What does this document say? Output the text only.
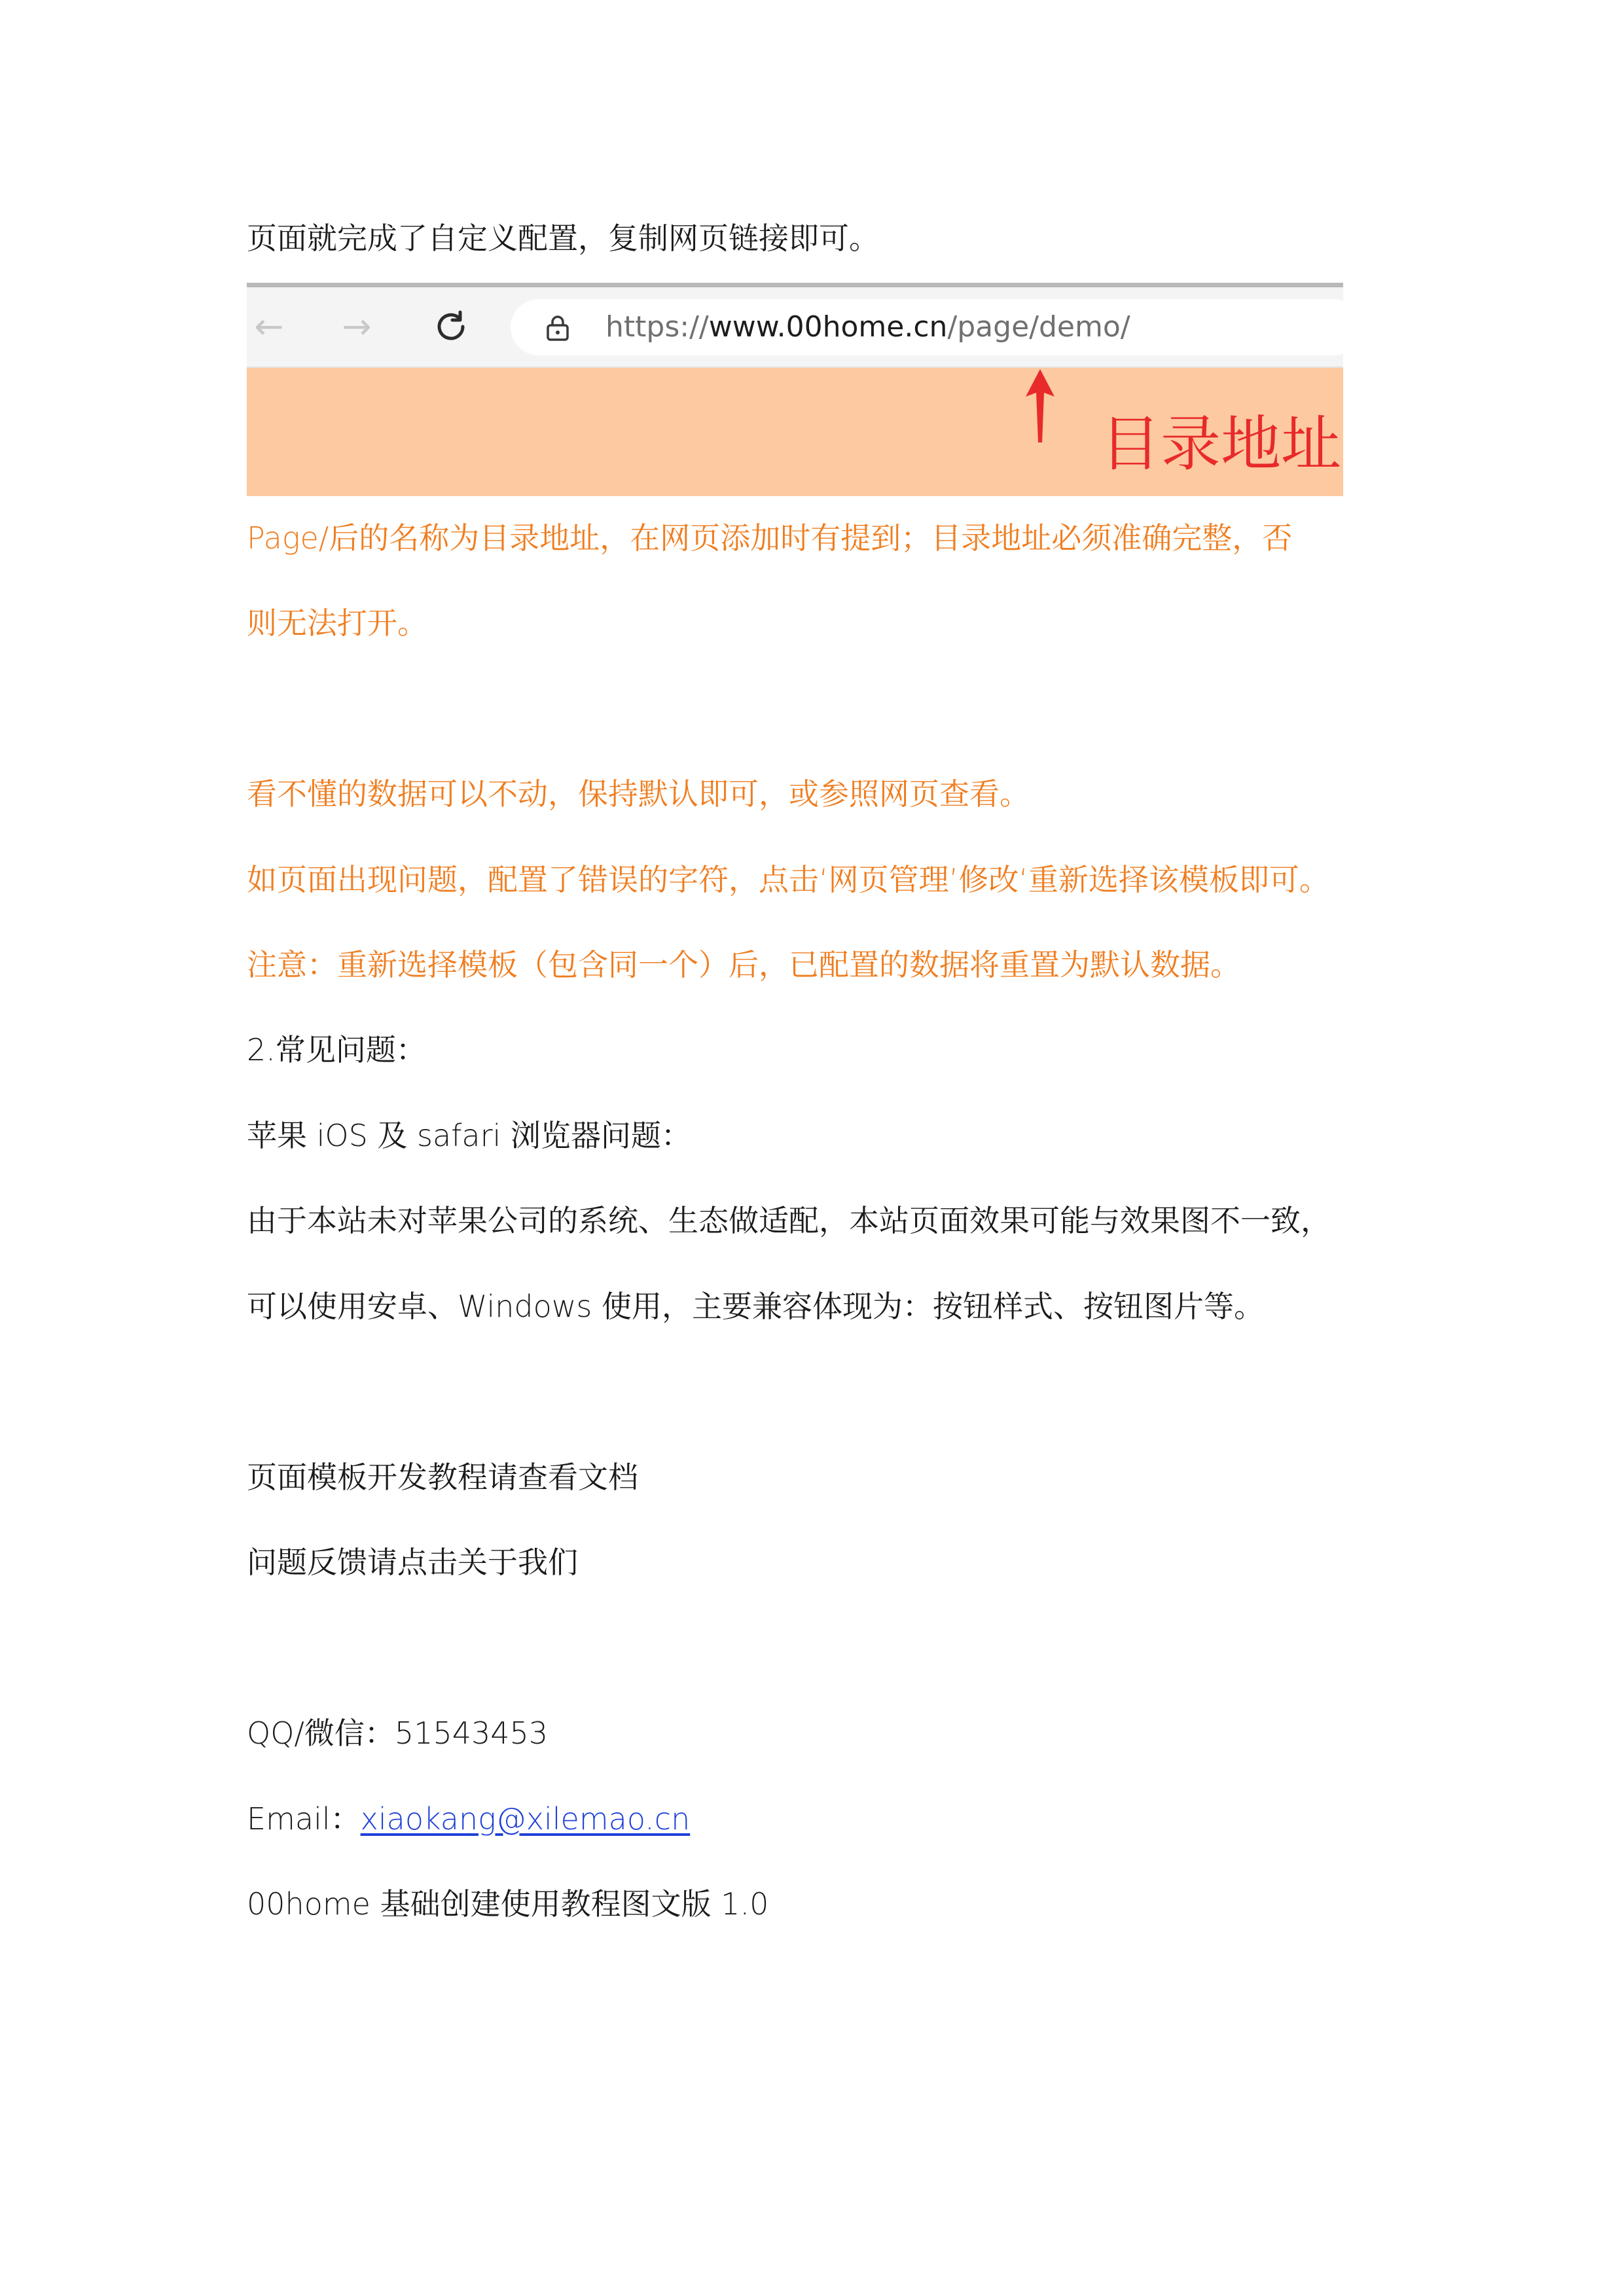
页面就完成了自定义配置，复制网页链接即可。
← →	https://www.00home.cn/page/demo/
目录地址
Page/后的名称为目录地址，在网页添加时有提到；目录地址必须准确完整，否
则无法打开。
看不懂的数据可以不动，保持默认即可，或参照网页查看。
如页面出现问题，配置了错误的字符，点击‘网页管理’修改‘重新选择该模板即可。
注意：重新选择模板（包含同一个）后，已配置的数据将重置为默认数据。
2.常见问题：
苹果 iOS 及 safari 浏览器问题：
由于本站未对苹果公司的系统、生态做适配，本站页面效果可能与效果图不一致，
可以使用安卓、Windows 使用，主要兼容体现为：按钮样式、按钮图片等。
页面模板开发教程请查看文档
问题反馈请点击关于我们
QQ/微信：51543453
Email：xiaokang@xilemao.cn
00home 基础创建使用教程图文版 1.0
